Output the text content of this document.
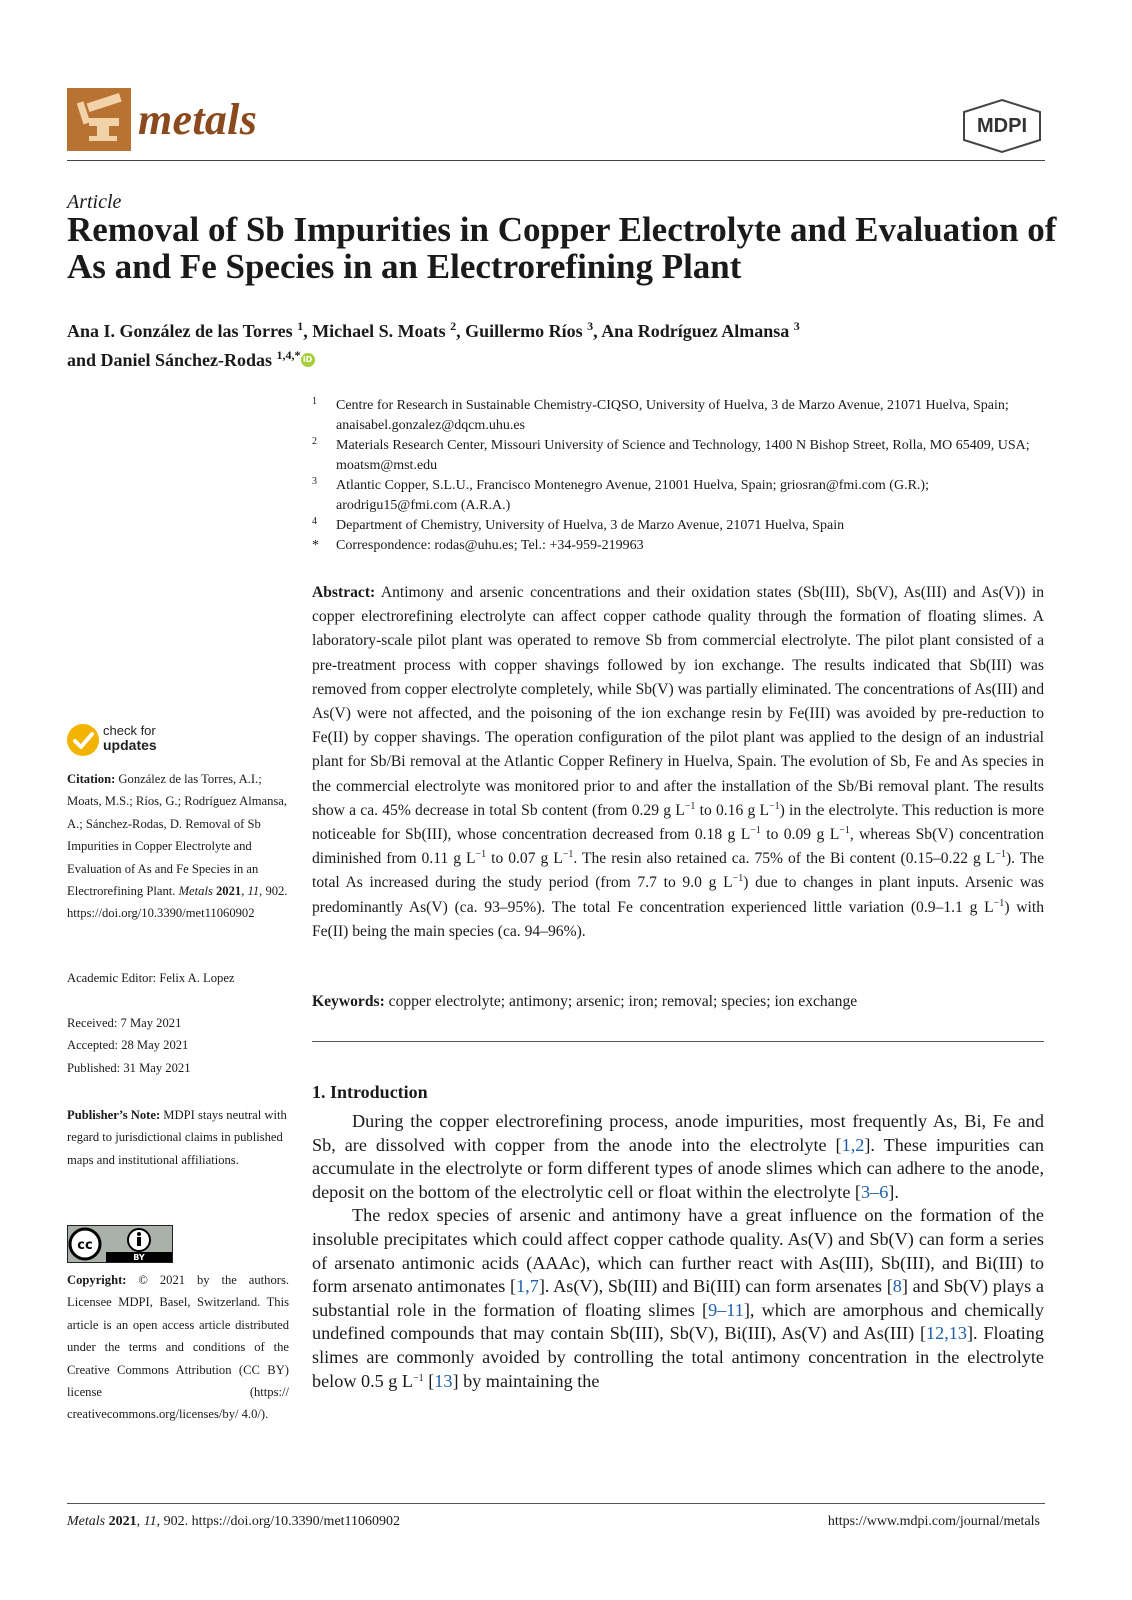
metals	MDPI
Article
Removal of Sb Impurities in Copper Electrolyte and Evaluation of As and Fe Species in an Electrorefining Plant
Ana I. González de las Torres $^1$, Michael S. Moats $^2$, Guillermo Ríos $^3$, Ana Rodríguez Almansa $^3$
and Daniel Sánchez-Rodas $^{1,4,*}$ iD
1 Centre for Research in Sustainable Chemistry-CIQSO, University of Huelva, 3 de Marzo Avenue, 21071 Huelva, Spain; anaisabel.gonzalez@dqcm.uhu.es
2 Materials Research Center, Missouri University of Science and Technology, 1400 N Bishop Street, Rolla, MO 65409, USA; moatsm@mst.edu
3 Atlantic Copper, S.L.U., Francisco Montenegro Avenue, 21001 Huelva, Spain; griosran@fmi.com (G.R.); arodrigu15@fmi.com (A.R.A.)
4 Department of Chemistry, University of Huelva, 3 de Marzo Avenue, 21071 Huelva, Spain
* Correspondence: rodas@uhu.es; Tel.: +34-959-219963
Abstract: Antimony and arsenic concentrations and their oxidation states (Sb(III), Sb(V), As(III) and As(V)) in copper electrorefining electrolyte can affect copper cathode quality through the formation of floating slimes. A laboratory-scale pilot plant was operated to remove Sb from commercial electrolyte. The pilot plant consisted of a pre-treatment process with copper shavings followed by ion exchange. The results indicated that Sb(III) was removed from copper electrolyte completely, while Sb(V) was partially eliminated. The concentrations of As(III) and As(V) were not affected, and the poisoning of the ion exchange resin by Fe(III) was avoided by pre-reduction to Fe(II) by copper shavings. The operation configuration of the pilot plant was applied to the design of an industrial plant for Sb/Bi removal at the Atlantic Copper Refinery in Huelva, Spain. The evolution of Sb, Fe and As species in the commercial electrolyte was monitored prior to and after the installation of the Sb/Bi removal plant. The results show a ca. 45% decrease in total Sb content (from 0.29 g $L^{-1}$ to 0.16 g $L^{-1}$) in the electrolyte. This reduction is more noticeable for Sb(III), whose concentration decreased from 0.18 g $L^{-1}$ to 0.09 g $L^{-1}$, whereas Sb(V) concentration diminished from 0.11 g $L^{-1}$ to 0.07 g $L^{-1}$. The resin also retained ca. 75% of the Bi content (0.15–0.22 g $L^{-1}$). The total As increased during the study period (from 7.7 to 9.0 g $L^{-1}$) due to changes in plant inputs. Arsenic was predominantly As(V) (ca. 93–95%). The total Fe concentration experienced little variation (0.9–1.1 g $L^{-1}$) with Fe(II) being the main species (ca. 94–96%).
Keywords: copper electrolyte; antimony; arsenic; iron; removal; species; ion exchange
1. Introduction

During the copper electrorefining process, anode impurities, most frequently As, Bi, Fe and Sb, are dissolved with copper from the anode into the electrolyte [1,2]. These impurities can accumulate in the electrolyte or form different types of anode slimes which can adhere to the anode, deposit on the bottom of the electrolytic cell or float within the electrolyte [3–6].

The redox species of arsenic and antimony have a great influence on the formation of the insoluble precipitates which could affect copper cathode quality. As(V) and Sb(V) can form a series of arsenato antimonic acids (AAAc), which can further react with As(III), Sb(III), and Bi(III) to form arsenato antimonates [1,7]. As(V), Sb(III) and Bi(III) can form arsenates [8] and Sb(V) plays a substantial role in the formation of floating slimes [9–11], which are amorphous and chemically undefined compounds that may contain Sb(III), Sb(V), Bi(III), As(V) and As(III) [12,13]. Floating slimes are commonly avoided by controlling the total antimony concentration in the electrolyte below 0.5 g $L^{-1}$ [13] by maintaining the

check for
updates
Citation: González de las Torres, A.I.; Moats, M.S.; Ríos, G.; Rodríguez Almansa, A.; Sánchez-Rodas, D. Removal of Sb Impurities in Copper Electrolyte and Evaluation of As and Fe Species in an Electrorefining Plant. Metals 2021, 11, 902. https://doi.org/10.3390/met11060902
Academic Editor: Felix A. Lopez
Received: 7 May 2021
Accepted: 28 May 2021
Published: 31 May 2021
Publisher’s Note: MDPI stays neutral with regard to jurisdictional claims in published maps and institutional affiliations.
cc
BY
Copyright: © 2021 by the authors. Licensee MDPI, Basel, Switzerland. This article is an open access article distributed under the terms and conditions of the Creative Commons Attribution (CC BY) license (https:// creativecommons.org/licenses/by/ 4.0/).
Metals 2021, 11, 902. https://doi.org/10.3390/met11060902	https://www.mdpi.com/journal/metals
